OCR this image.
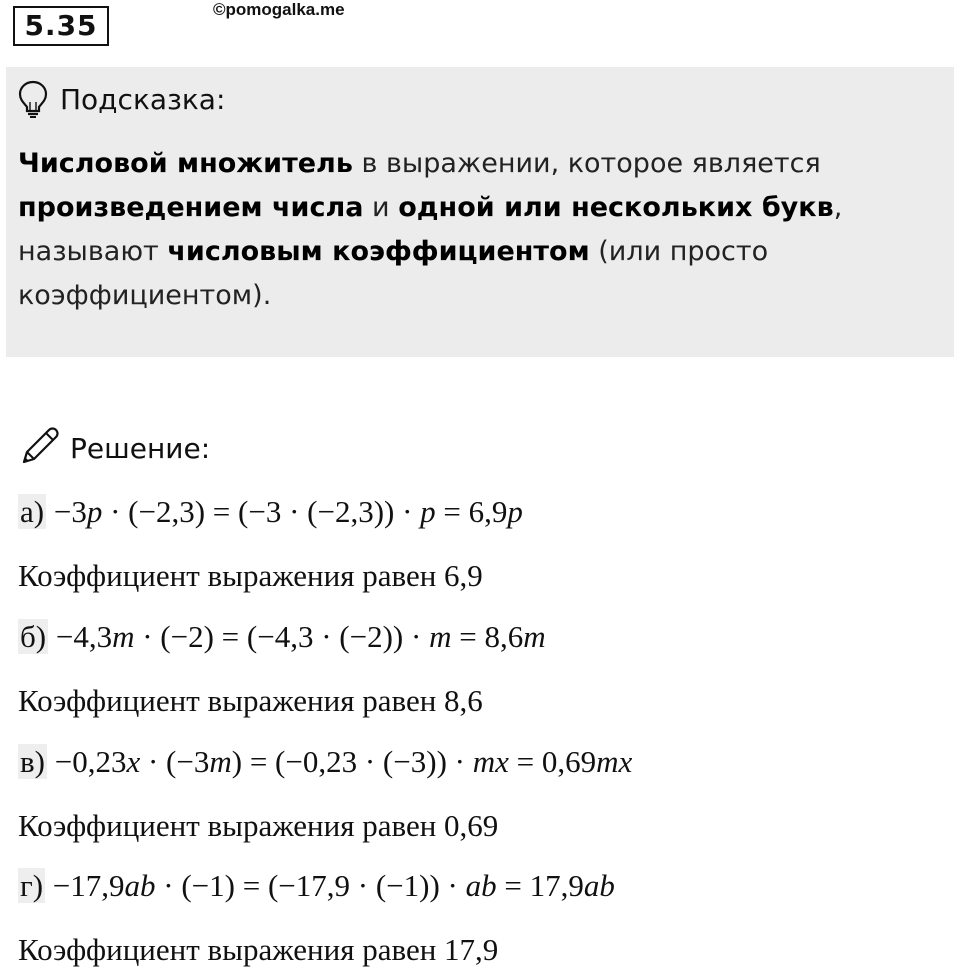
5.35	©pomogalka.me
Подсказка:
Числовой множитель в выражении, которое является
произведением числа и одной или нескольких букв,
называют числовым коэффициентом (или просто
коэффициентом).
Решение:
а) −3p · (−2,3) = (−3 · (−2,3)) · p = 6,9p
Коэффициент выражения равен 6,9
б) −4,3m · (−2) = (−4,3 · (−2)) · m = 8,6m
Коэффициент выражения равен 8,6
в) −0,23x · (−3m) = (−0,23 · (−3)) · mx = 0,69mx
Коэффициент выражения равен 0,69
г) −17,9ab · (−1) = (−17,9 · (−1)) · ab = 17,9ab
Коэффициент выражения равен 17,9
